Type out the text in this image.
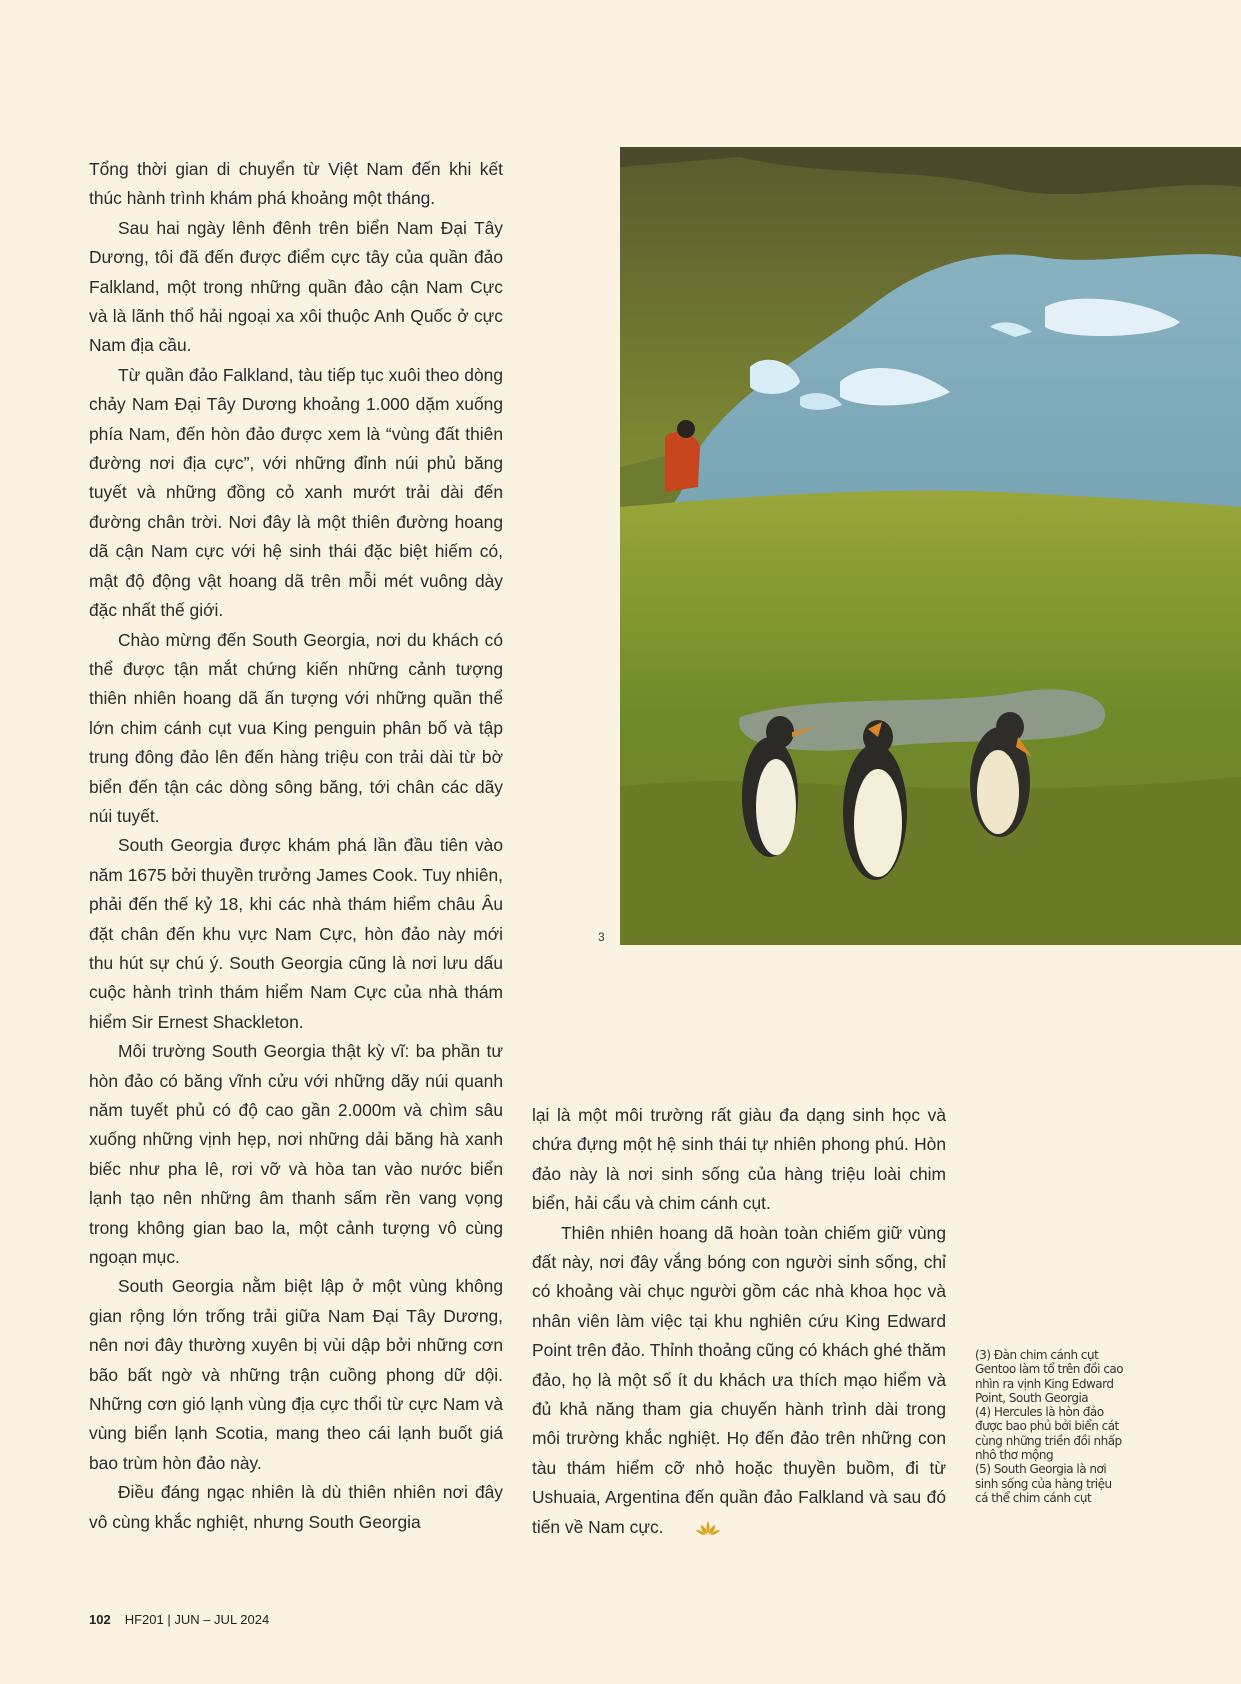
Tổng thời gian di chuyển từ Việt Nam đến khi kết thúc hành trình khám phá khoảng một tháng.

Sau hai ngày lênh đênh trên biển Nam Đại Tây Dương, tôi đã đến được điểm cực tây của quần đảo Falkland, một trong những quần đảo cận Nam Cực và là lãnh thổ hải ngoại xa xôi thuộc Anh Quốc ở cực Nam địa cầu.

Từ quần đảo Falkland, tàu tiếp tục xuôi theo dòng chảy Nam Đại Tây Dương khoảng 1.000 dặm xuống phía Nam, đến hòn đảo được xem là “vùng đất thiên đường nơi địa cực”, với những đỉnh núi phủ băng tuyết và những đồng cỏ xanh mướt trải dài đến đường chân trời. Nơi đây là một thiên đường hoang dã cận Nam cực với hệ sinh thái đặc biệt hiếm có, mật độ động vật hoang dã trên mỗi mét vuông dày đặc nhất thế giới.

Chào mừng đến South Georgia, nơi du khách có thể được tận mắt chứng kiến những cảnh tượng thiên nhiên hoang dã ấn tượng với những quần thể lớn chim cánh cụt vua King penguin phân bố và tập trung đông đảo lên đến hàng triệu con trải dài từ bờ biển đến tận các dòng sông băng, tới chân các dãy núi tuyết.

South Georgia được khám phá lần đầu tiên vào năm 1675 bởi thuyền trưởng James Cook. Tuy nhiên, phải đến thế kỷ 18, khi các nhà thám hiểm châu Âu đặt chân đến khu vực Nam Cực, hòn đảo này mới thu hút sự chú ý. South Georgia cũng là nơi lưu dấu cuộc hành trình thám hiểm Nam Cực của nhà thám hiểm Sir Ernest Shackleton.

Môi trường South Georgia thật kỳ vĩ: ba phần tư hòn đảo có băng vĩnh cửu với những dãy núi quanh năm tuyết phủ có độ cao gần 2.000m và chìm sâu xuống những vịnh hẹp, nơi những dải băng hà xanh biếc như pha lê, rơi vỡ và hòa tan vào nước biển lạnh tạo nên những âm thanh sấm rền vang vọng trong không gian bao la, một cảnh tượng vô cùng ngoạn mục.

South Georgia nằm biệt lập ở một vùng không gian rộng lớn trống trải giữa Nam Đại Tây Dương, nên nơi đây thường xuyên bị vùi dập bởi những cơn bão bất ngờ và những trận cuồng phong dữ dội. Những cơn gió lạnh vùng địa cực thổi từ cực Nam và vùng biển lạnh Scotia, mang theo cái lạnh buốt giá bao trùm hòn đảo này.

Điều đáng ngạc nhiên là dù thiên nhiên nơi đây vô cùng khắc nghiệt, nhưng South Georgia

3

lại là một môi trường rất giàu đa dạng sinh học và chứa đựng một hệ sinh thái tự nhiên phong phú. Hòn đảo này là nơi sinh sống của hàng triệu loài chim biển, hải cẩu và chim cánh cụt.

Thiên nhiên hoang dã hoàn toàn chiếm giữ vùng đất này, nơi đây vắng bóng con người sinh sống, chỉ có khoảng vài chục người gồm các nhà khoa học và nhân viên làm việc tại khu nghiên cứu King Edward Point trên đảo. Thỉnh thoảng cũng có khách ghé thăm đảo, họ là một số ít du khách ưa thích mạo hiểm và đủ khả năng tham gia chuyến hành trình dài trong môi trường khắc nghiệt. Họ đến đảo trên những con tàu thám hiểm cỡ nhỏ hoặc thuyền buồm, đi từ Ushuaia, Argentina đến quần đảo Falkland và sau đó tiến về Nam cực.

(3) Đàn chim cánh cụt Gentoo làm tổ trên đồi cao nhìn ra vịnh King Edward Point, South Georgia
(4) Hercules là hòn đảo được bao phủ bởi biển cát cùng những triền đồi nhấp nhô thơ mộng
(5) South Georgia là nơi sinh sống của hàng triệu cá thể chim cánh cụt
102 HF201 | JUN – JUL 2024
